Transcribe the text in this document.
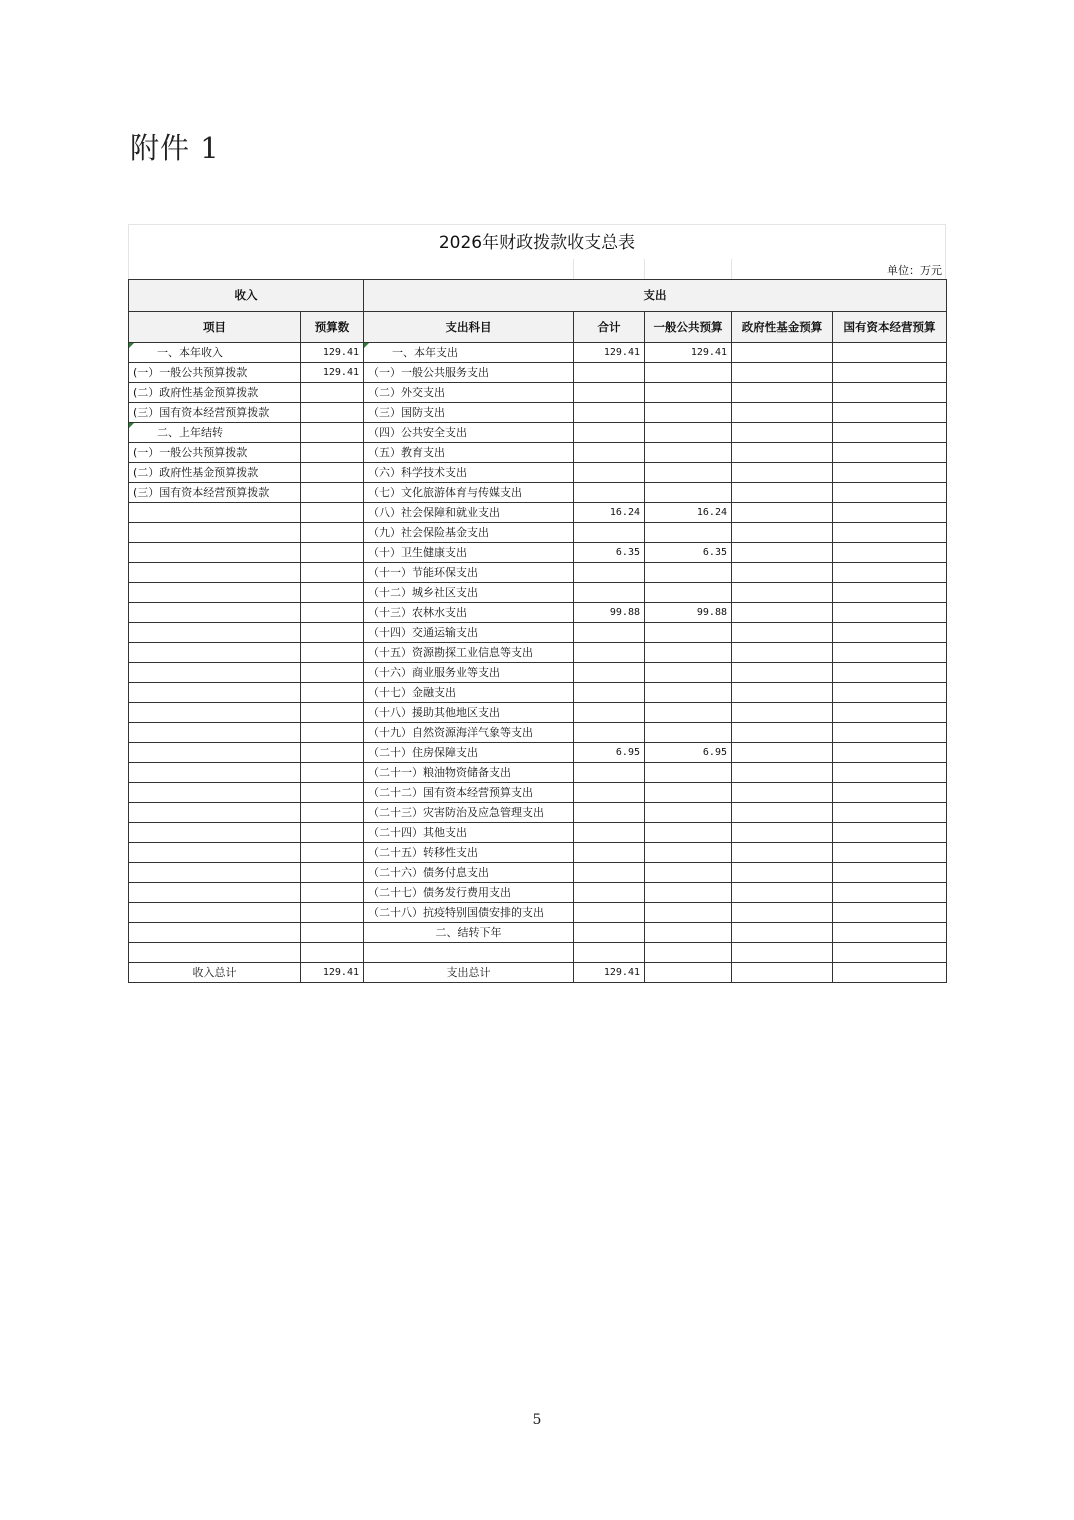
附件 1
2026年财政拨款收支总表
单位：万元
收入		支出				
项目	预算数	支出科目	合计	一般公共预算	政府性基金预算	国有资本经营预算
一、本年收入	129.41	一、本年支出	129.41	129.41		
(一）一般公共预算拨款	129.41	（一）一般公共服务支出				
(二）政府性基金预算拨款		（二）外交支出				
(三）国有资本经营预算拨款		（三）国防支出				
二、上年结转		（四）公共安全支出				
(一）一般公共预算拨款		（五）教育支出				
(二）政府性基金预算拨款		（六）科学技术支出				
(三）国有资本经营预算拨款		（七）文化旅游体育与传媒支出				
		（八）社会保障和就业支出	16.24	16.24		
		（九）社会保险基金支出				
		（十）卫生健康支出	6.35	6.35		
		（十一）节能环保支出				
		（十二）城乡社区支出				
		（十三）农林水支出	99.88	99.88		
		（十四）交通运输支出				
		（十五）资源勘探工业信息等支出				
		（十六）商业服务业等支出				
		（十七）金融支出				
		（十八）援助其他地区支出				
		（十九）自然资源海洋气象等支出				
		（二十）住房保障支出	6.95	6.95		
		（二十一）粮油物资储备支出				
		（二十二）国有资本经营预算支出				
		（二十三）灾害防治及应急管理支出				
		（二十四）其他支出				
		（二十五）转移性支出				
		（二十六）债务付息支出				
		（二十七）债务发行费用支出				
		（二十八）抗疫特别国债安排的支出				
		二、结转下年				

收入总计	129.41	支出总计	129.41			
5
